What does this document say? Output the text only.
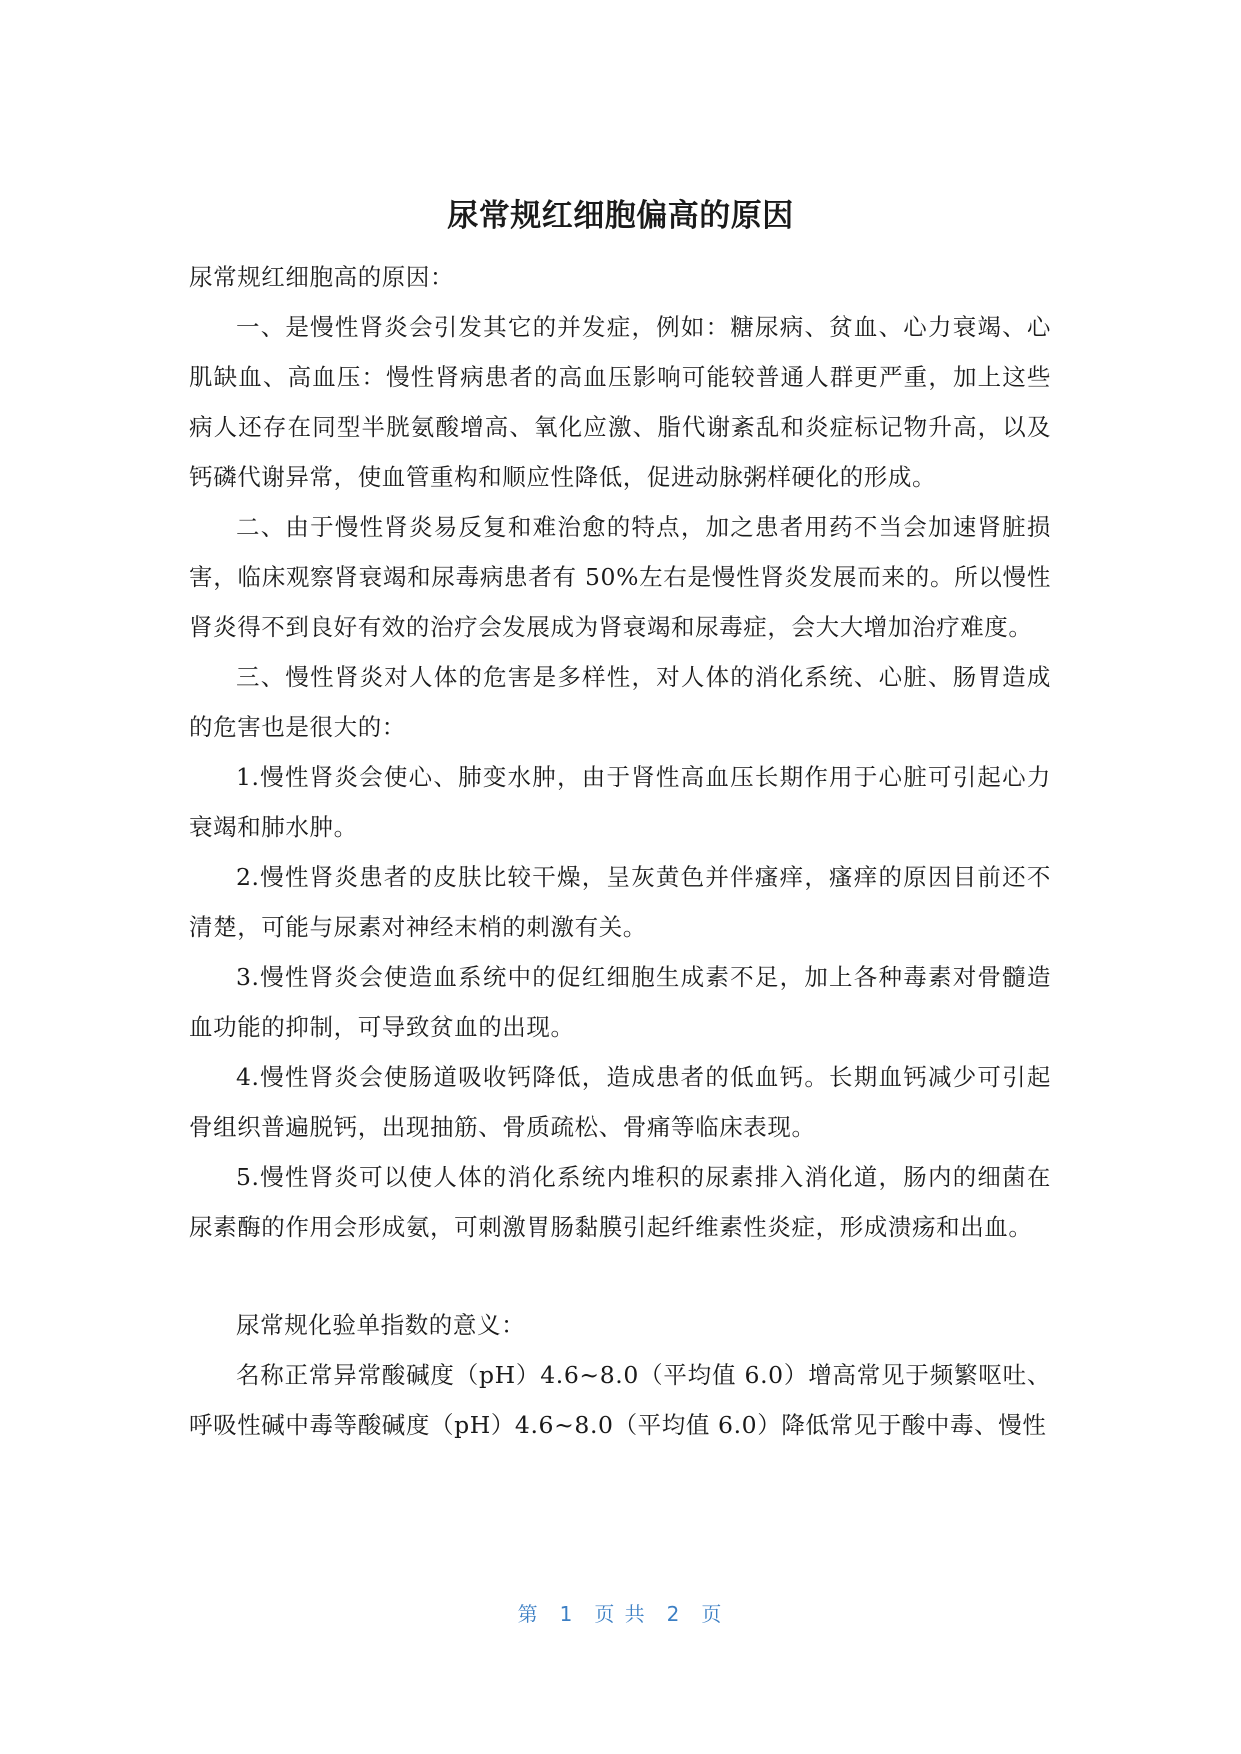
尿常规红细胞偏高的原因

尿常规红细胞高的原因：

一、是慢性肾炎会引发其它的并发症，例如：糖尿病、贫血、心力衰竭、心肌缺血、高血压：慢性肾病患者的高血压影响可能较普通人群更严重，加上这些病人还存在同型半胱氨酸增高、氧化应激、脂代谢紊乱和炎症标记物升高，以及钙磷代谢异常，使血管重构和顺应性降低，促进动脉粥样硬化的形成。

二、由于慢性肾炎易反复和难治愈的特点，加之患者用药不当会加速肾脏损害，临床观察肾衰竭和尿毒病患者有 50%左右是慢性肾炎发展而来的。所以慢性肾炎得不到良好有效的治疗会发展成为肾衰竭和尿毒症，会大大增加治疗难度。

三、慢性肾炎对人体的危害是多样性，对人体的消化系统、心脏、肠胃造成的危害也是很大的：

1.慢性肾炎会使心、肺变水肿，由于肾性高血压长期作用于心脏可引起心力衰竭和肺水肿。

2.慢性肾炎患者的皮肤比较干燥，呈灰黄色并伴瘙痒，瘙痒的原因目前还不清楚，可能与尿素对神经末梢的刺激有关。

3.慢性肾炎会使造血系统中的促红细胞生成素不足，加上各种毒素对骨髓造血功能的抑制，可导致贫血的出现。

4.慢性肾炎会使肠道吸收钙降低，造成患者的低血钙。长期血钙减少可引起骨组织普遍脱钙，出现抽筋、骨质疏松、骨痛等临床表现。

5.慢性肾炎可以使人体的消化系统内堆积的尿素排入消化道，肠内的细菌在尿素酶的作用会形成氨，可刺激胃肠黏膜引起纤维素性炎症，形成溃疡和出血。

尿常规化验单指数的意义：

名称正常异常酸碱度（pH）4.6~8.0（平均值 6.0）增高常见于频繁呕吐、呼吸性碱中毒等酸碱度（pH）4.6~8.0（平均值 6.0）降低常见于酸中毒、慢性

第 1 页 共 2 页
